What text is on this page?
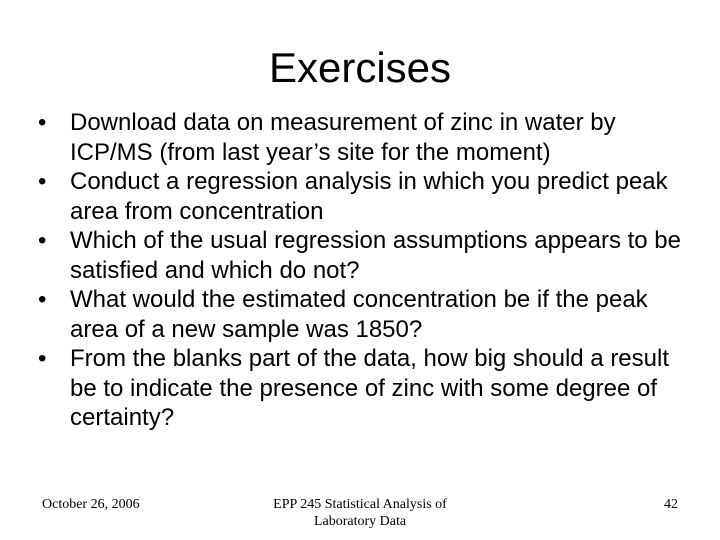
Exercises
• Download data on measurement of zinc in water by ICP/MS (from last year’s site for the moment)
• Conduct a regression analysis in which you predict peak area from concentration
• Which of the usual regression assumptions appears to be satisfied and which do not?
• What would the estimated concentration be if the peak area of a new sample was 1850?
• From the blanks part of the data, how big should a result be to indicate the presence of zinc with some degree of certainty?
October 26, 2006	EPP 245 Statistical Analysis of
Laboratory Data
42
